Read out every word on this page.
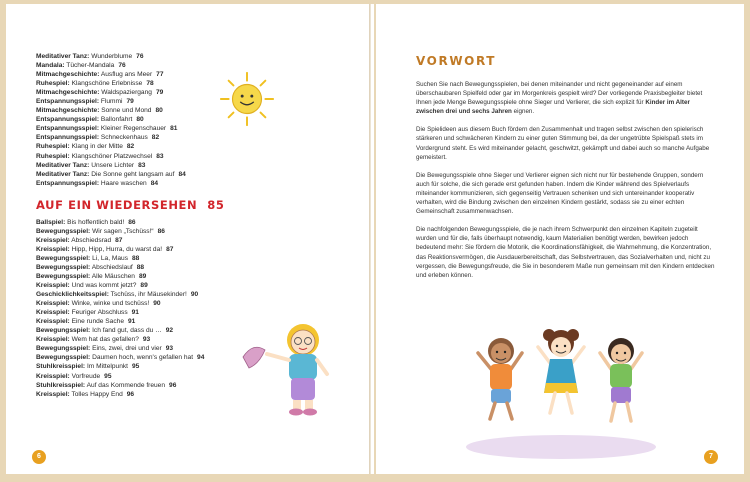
Meditativer Tanz: Wunderblume 76
Mandala: Tücher-Mandala 76
Mitmachgeschichte: Ausflug ans Meer 77
Ruhespiel: Klangschöne Erlebnisse 78
Mitmachgeschichte: Waldspaziergang 79
Entspannungsspiel: Flummi 79
Mitmachgeschichte: Sonne und Mond 80
Entspannungsspiel: Ballonfahrt 80
Entspannungsspiel: Kleiner Regenschauer 81
Entspannungsspiel: Schneckenhaus 82
Ruhespiel: Klang in der Mitte 82
Ruhespiel: Klangschöner Platzwechsel 83
Meditativer Tanz: Unsere Lichter 83
Meditativer Tanz: Die Sonne geht langsam auf 84
Entspannungsspiel: Haare waschen 84
AUF EIN WIEDERSEHEN 85
Ballspiel: Bis hoffentlich bald! 86
Bewegungsspiel: Wir sagen „Tschüss!“ 86
Kreisspiel: Abschiedsrad 87
Kreisspiel: Hipp, Hipp, Hurra, du warst da! 87
Bewegungsspiel: Li, La, Maus 88
Bewegungsspiel: Abschiedslauf 88
Bewegungsspiel: Alle Mäuschen 89
Kreisspiel: Und was kommt jetzt? 89
Geschicklichkeitsspiel: Tschüss, ihr Mäusekinder! 90
Kreisspiel: Winke, winke und tschüss! 90
Kreisspiel: Feuriger Abschluss 91
Kreisspiel: Eine runde Sache 91
Bewegungsspiel: Ich fand gut, dass du … 92
Kreisspiel: Wem hat das gefallen? 93
Bewegungsspiel: Eins, zwei, drei und vier 93
Bewegungsspiel: Daumen hoch, wenn's gefallen hat 94
Stuhlkreisspiel: Im Mittelpunkt 95
Kreisspiel: Vorfreude 95
Stuhlkreisspiel: Auf das Kommende freuen 96
Kreisspiel: Tolles Happy End 96
6
VORWORT

Suchen Sie nach Bewegungsspielen, bei denen miteinander und nicht gegeneinander auf einem überschaubaren Spielfeld oder gar im Morgenkreis gespielt wird? Der vorliegende Praxisbegleiter bietet Ihnen jede Menge Bewegungsspiele ohne Sieger und Verlierer, die sich explizit für Kinder im Alter zwischen drei und sechs Jahren eignen.

Die Spielideen aus diesem Buch fördern den Zusammenhalt und tragen selbst zwischen den spielerisch stärkeren und schwächeren Kindern zu einer guten Stimmung bei, da der ungetrübte Spielspaß stets im Vordergrund steht. Es wird miteinander gelacht, geschwitzt, gekämpft und dabei auch so manche Aufgabe gemeistert.

Die Bewegungsspiele ohne Sieger und Verlierer eignen sich nicht nur für bestehende Gruppen, sondern auch für solche, die sich gerade erst gefunden haben. Indem die Kinder während des Spielverlaufs miteinander kommunizieren, sich gegenseitig Vertrauen schenken und sich untereinander kooperativ verhalten, wird die Bindung zwischen den einzelnen Kindern gestärkt, sodass sie zu einer echten Gemeinschaft zusammenwachsen.

Die nachfolgenden Bewegungsspiele, die je nach ihrem Schwerpunkt den einzelnen Kapiteln zugeteilt wurden und für die, falls überhaupt notwendig, kaum Materialien benötigt werden, bewirken jedoch bedeutend mehr: Sie fördern die Motorik, die Koordinationsfähigkeit, die Wahrnehmung, die Konzentration, das Reaktionsvermögen, die Ausdauerbereitschaft, das Selbstvertrauen, das Sozialverhalten und, nicht zu vergessen, die Bewegungsfreude, die Sie in besonderem Maße nun gemeinsam mit den Kindern entdecken und erleben können.

7
